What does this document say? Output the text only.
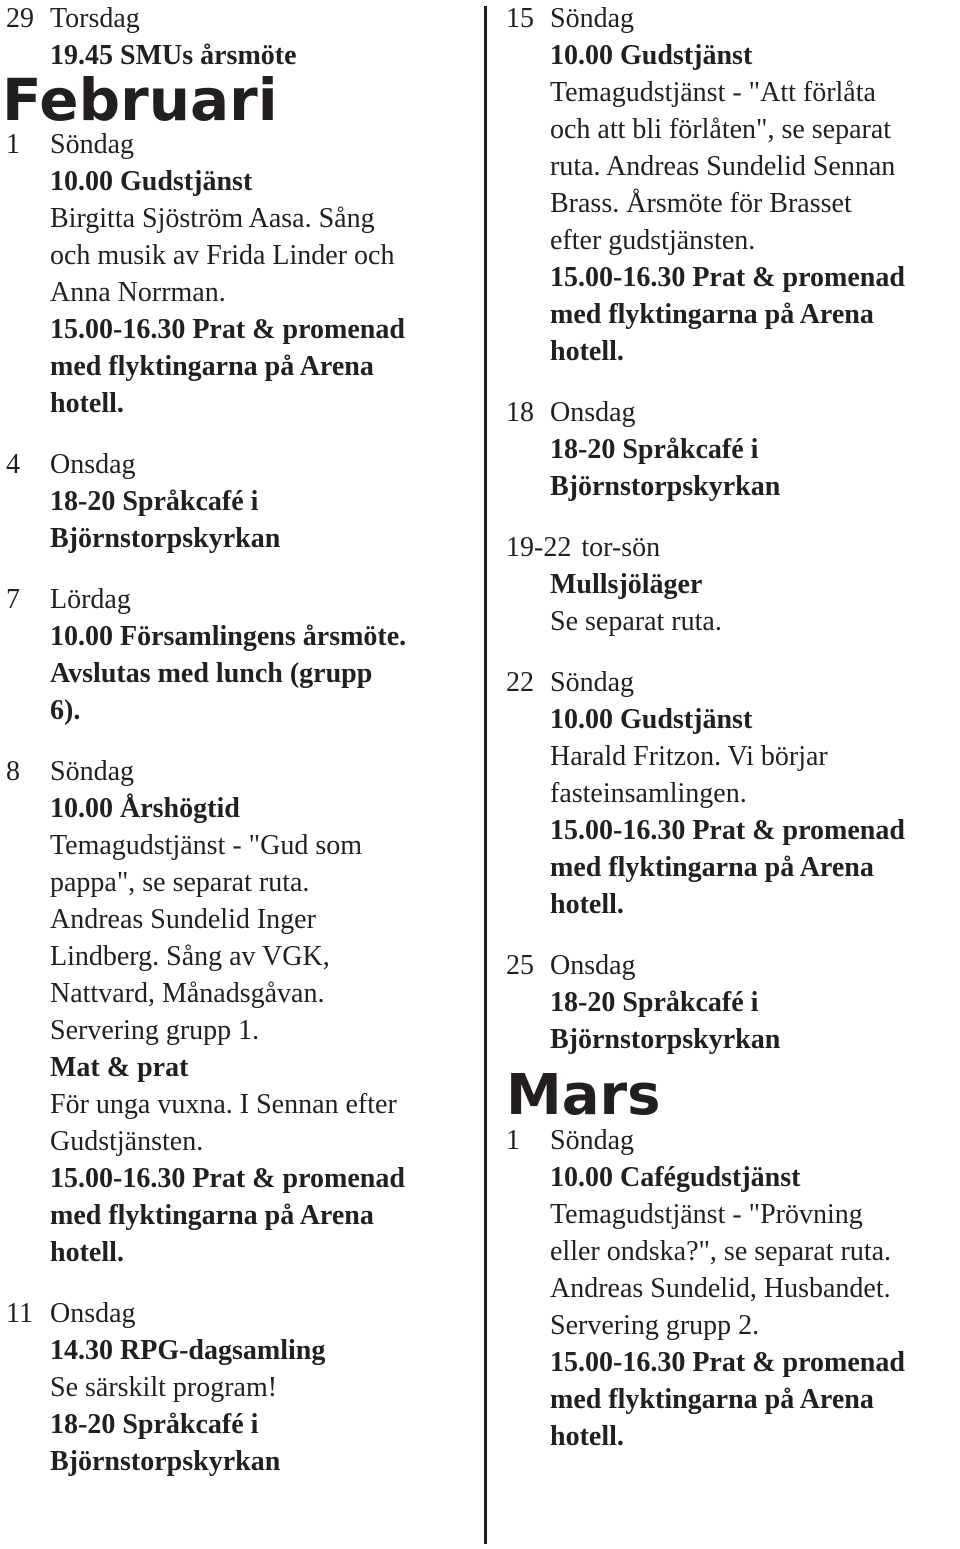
29 Torsdag
19.45 SMUs årsmöte
Februari
1	Söndag
10.00 Gudstjänst
Birgitta Sjöström Aasa. Sång
och musik av Frida Linder och
Anna Norrman.
15.00-16.30 Prat & promenad
med flyktingarna på Arena
hotell.
4	Onsdag
18-20 Språkcafé i
Björnstorpskyrkan
7	Lördag
10.00 Församlingens årsmöte.
Avslutas med lunch (grupp
6).
8	Söndag
10.00 Årshögtid
Temagudstjänst - "Gud som
pappa", se separat ruta.
Andreas Sundelid Inger
Lindberg. Sång av VGK,
Nattvard, Månadsgåvan.
Servering grupp 1.
Mat & prat
För unga vuxna. I Sennan efter
Gudstjänsten.
15.00-16.30 Prat & promenad
med flyktingarna på Arena
hotell.
11 Onsdag
14.30 RPG-dagsamling
Se särskilt program!
18-20 Språkcafé i
Björnstorpskyrkan
15 Söndag
10.00 Gudstjänst
Temagudstjänst - "Att förlåta
och att bli förlåten", se separat
ruta. Andreas Sundelid Sennan
Brass. Årsmöte för Brasset
efter gudstjänsten.
15.00-16.30 Prat & promenad
med flyktingarna på Arena
hotell.
18 Onsdag
18-20 Språkcafé i
Björnstorpskyrkan
19-22 tor-sön
Mullsjöläger
Se separat ruta.
22 Söndag
10.00 Gudstjänst
Harald Fritzon. Vi börjar
fasteinsamlingen.
15.00-16.30 Prat & promenad
med flyktingarna på Arena
hotell.
25 Onsdag
18-20 Språkcafé i
Björnstorpskyrkan
Mars
1	Söndag
10.00 Cafégudstjänst
Temagudstjänst - "Prövning
eller ondska?", se separat ruta.
Andreas Sundelid, Husbandet.
Servering grupp 2.
15.00-16.30 Prat & promenad
med flyktingarna på Arena
hotell.
